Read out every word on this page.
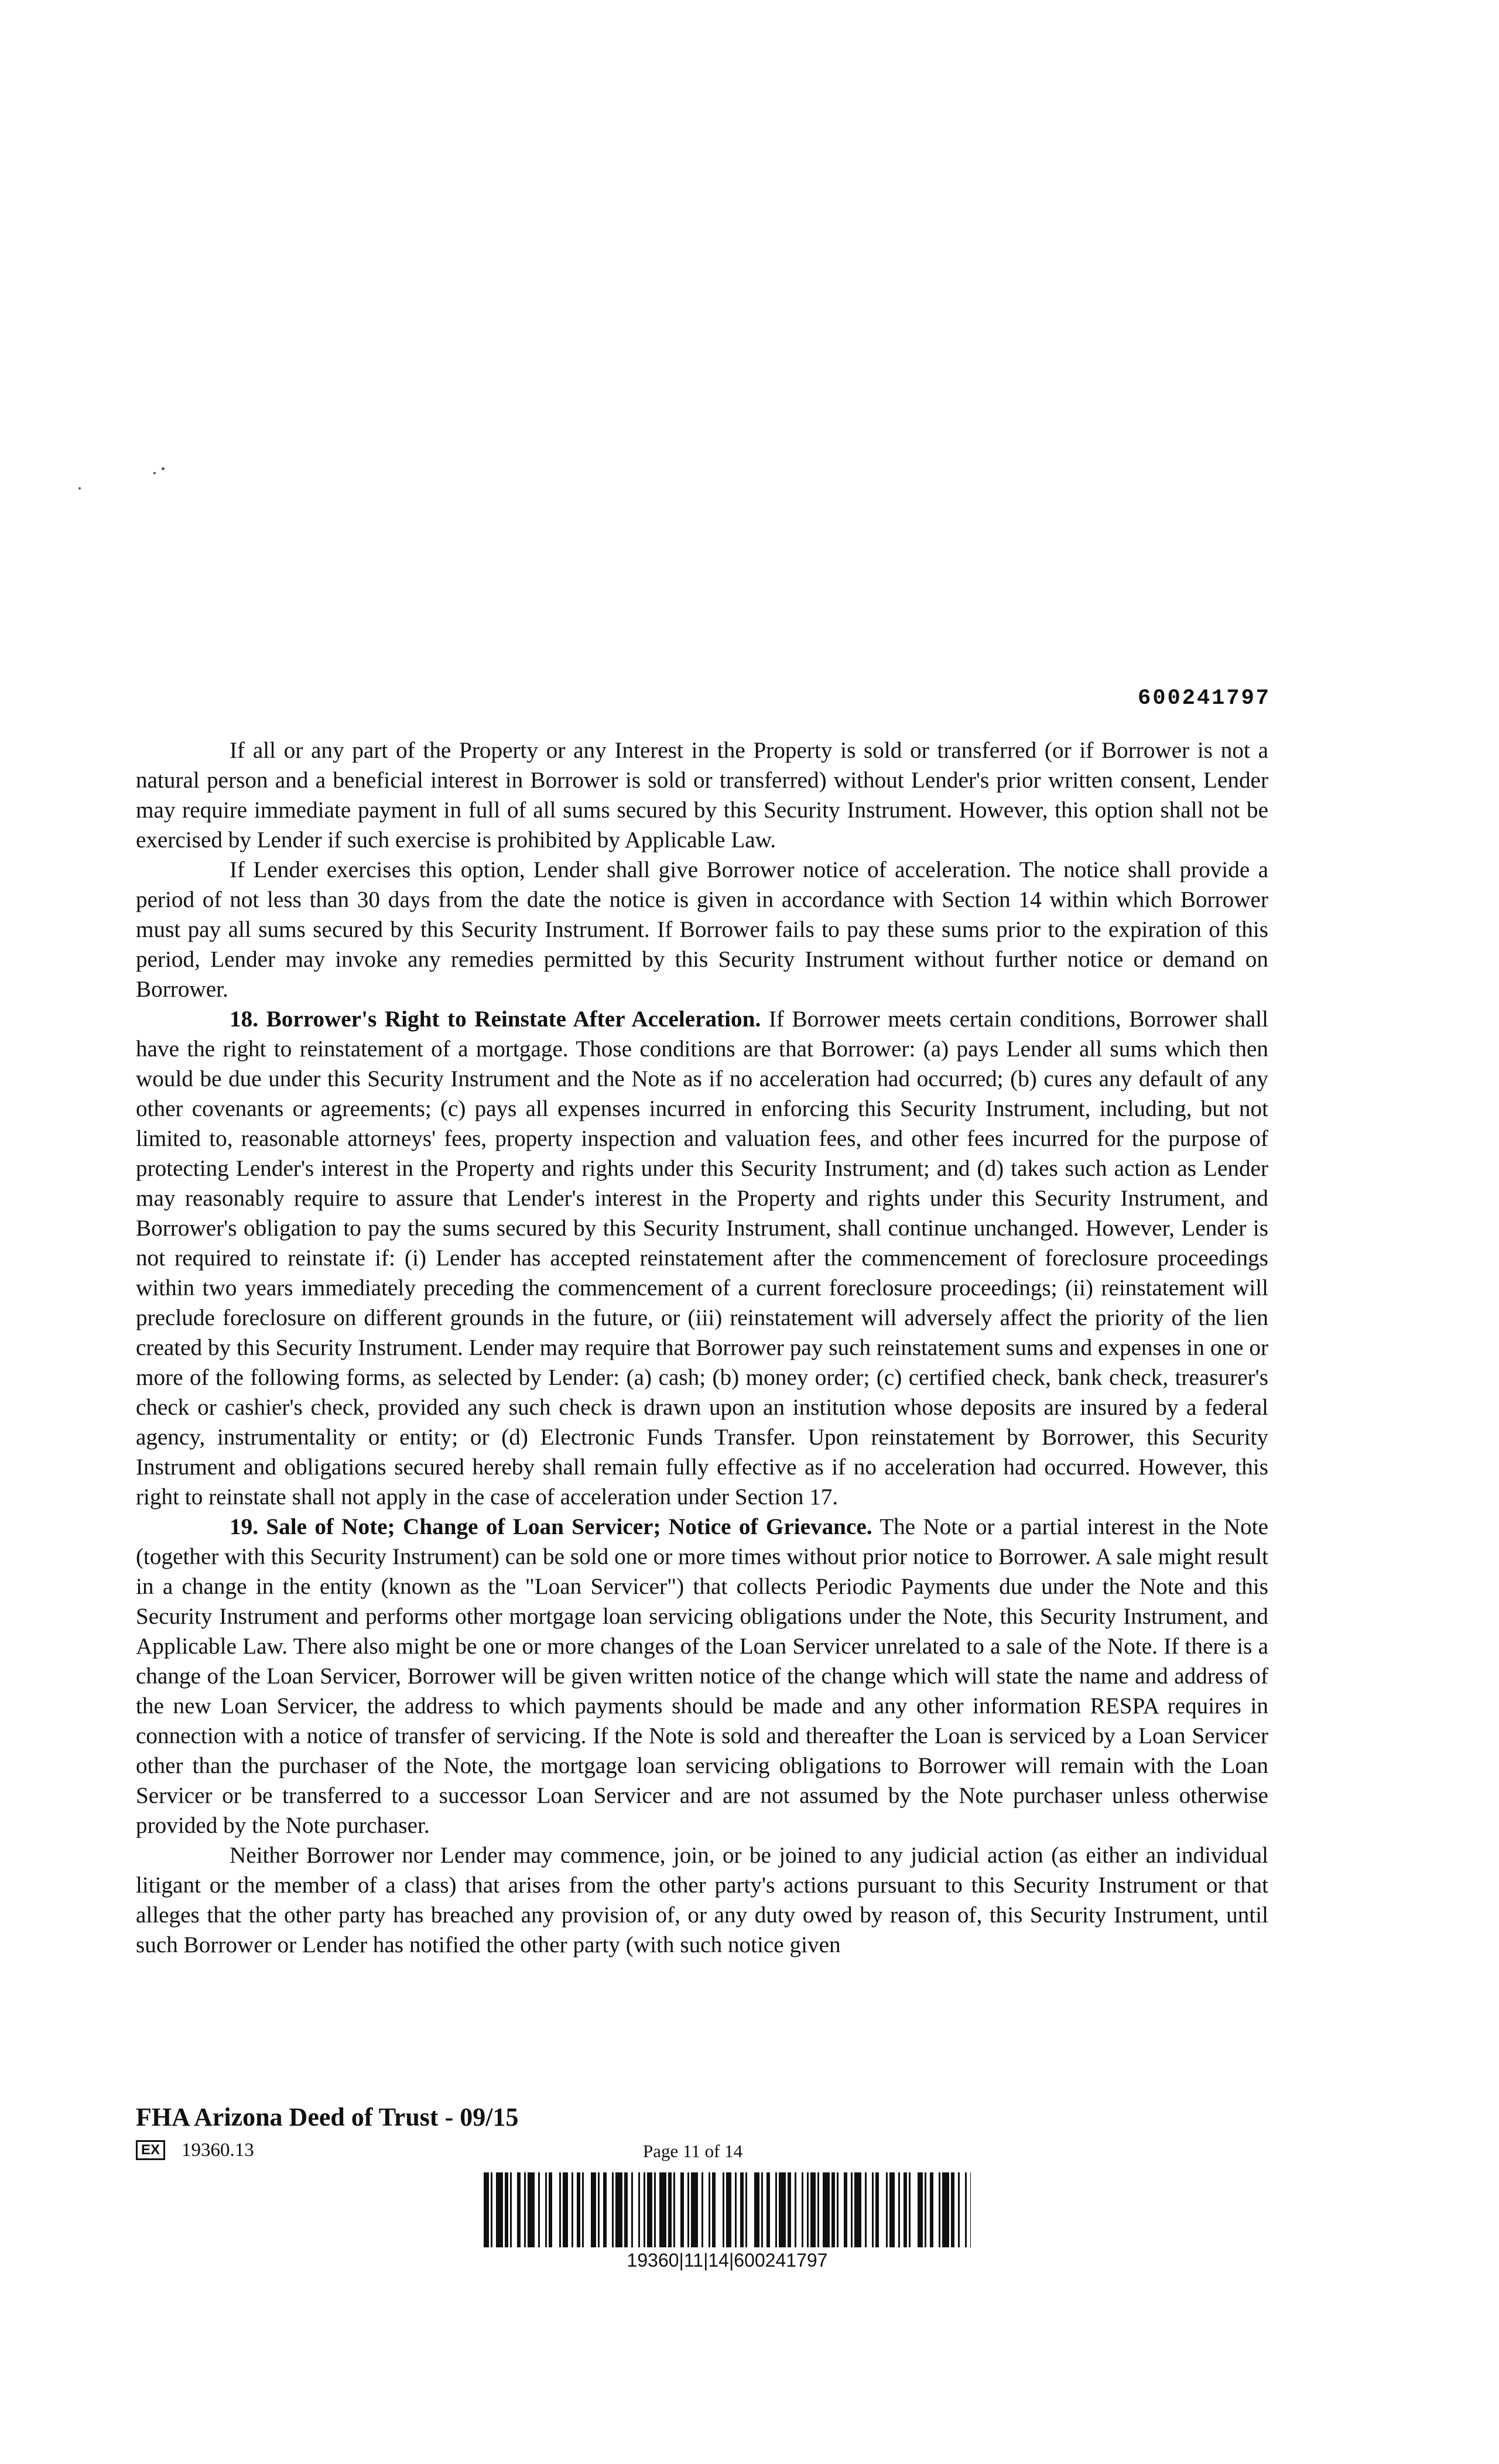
600241797

If all or any part of the Property or any Interest in the Property is sold or transferred (or if Borrower is not a natural person and a beneficial interest in Borrower is sold or transferred) without Lender's prior written consent, Lender may require immediate payment in full of all sums secured by this Security Instrument. However, this option shall not be exercised by Lender if such exercise is prohibited by Applicable Law.

If Lender exercises this option, Lender shall give Borrower notice of acceleration. The notice shall provide a period of not less than 30 days from the date the notice is given in accordance with Section 14 within which Borrower must pay all sums secured by this Security Instrument. If Borrower fails to pay these sums prior to the expiration of this period, Lender may invoke any remedies permitted by this Security Instrument without further notice or demand on Borrower.

18. Borrower's Right to Reinstate After Acceleration. If Borrower meets certain conditions, Borrower shall have the right to reinstatement of a mortgage. Those conditions are that Borrower: (a) pays Lender all sums which then would be due under this Security Instrument and the Note as if no acceleration had occurred; (b) cures any default of any other covenants or agreements; (c) pays all expenses incurred in enforcing this Security Instrument, including, but not limited to, reasonable attorneys' fees, property inspection and valuation fees, and other fees incurred for the purpose of protecting Lender's interest in the Property and rights under this Security Instrument; and (d) takes such action as Lender may reasonably require to assure that Lender's interest in the Property and rights under this Security Instrument, and Borrower's obligation to pay the sums secured by this Security Instrument, shall continue unchanged. However, Lender is not required to reinstate if: (i) Lender has accepted reinstatement after the commencement of foreclosure proceedings within two years immediately preceding the commencement of a current foreclosure proceedings; (ii) reinstatement will preclude foreclosure on different grounds in the future, or (iii) reinstatement will adversely affect the priority of the lien created by this Security Instrument. Lender may require that Borrower pay such reinstatement sums and expenses in one or more of the following forms, as selected by Lender: (a) cash; (b) money order; (c) certified check, bank check, treasurer's check or cashier's check, provided any such check is drawn upon an institution whose deposits are insured by a federal agency, instrumentality or entity; or (d) Electronic Funds Transfer. Upon reinstatement by Borrower, this Security Instrument and obligations secured hereby shall remain fully effective as if no acceleration had occurred. However, this right to reinstate shall not apply in the case of acceleration under Section 17.

19. Sale of Note; Change of Loan Servicer; Notice of Grievance. The Note or a partial interest in the Note (together with this Security Instrument) can be sold one or more times without prior notice to Borrower. A sale might result in a change in the entity (known as the "Loan Servicer") that collects Periodic Payments due under the Note and this Security Instrument and performs other mortgage loan servicing obligations under the Note, this Security Instrument, and Applicable Law. There also might be one or more changes of the Loan Servicer unrelated to a sale of the Note. If there is a change of the Loan Servicer, Borrower will be given written notice of the change which will state the name and address of the new Loan Servicer, the address to which payments should be made and any other information RESPA requires in connection with a notice of transfer of servicing. If the Note is sold and thereafter the Loan is serviced by a Loan Servicer other than the purchaser of the Note, the mortgage loan servicing obligations to Borrower will remain with the Loan Servicer or be transferred to a successor Loan Servicer and are not assumed by the Note purchaser unless otherwise provided by the Note purchaser.

Neither Borrower nor Lender may commence, join, or be joined to any judicial action (as either an individual litigant or the member of a class) that arises from the other party's actions pursuant to this Security Instrument or that alleges that the other party has breached any provision of, or any duty owed by reason of, this Security Instrument, until such Borrower or Lender has notified the other party (with such notice given

FHA Arizona Deed of Trust - 09/15
EX 19360.13	Page 11 of 14
19360|11|14|600241797
